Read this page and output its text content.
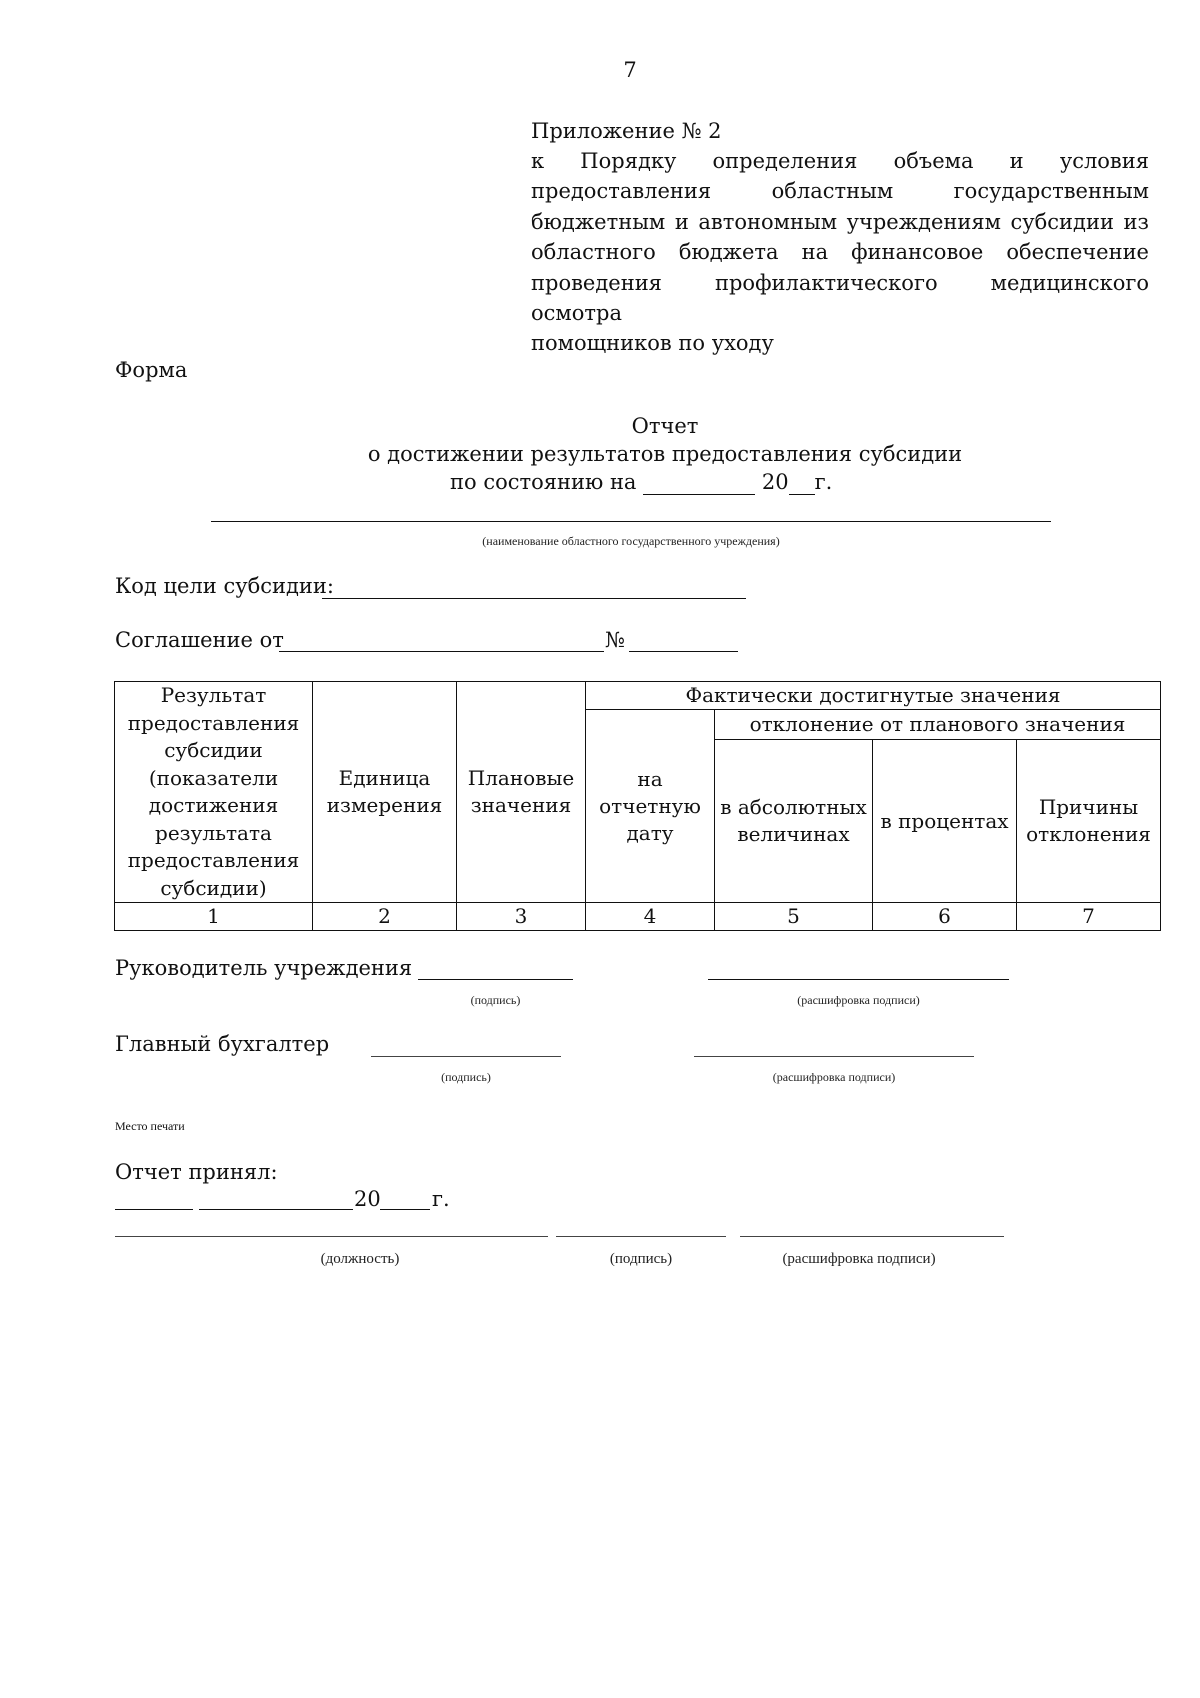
7
Приложение № 2
к Порядку определения объема и условия
предоставления областным государственным
бюджетным и автономным учреждениям субсидии из
областного бюджета на финансовое обеспечение
проведения профилактического медицинского осмотра
помощников по уходу
Форма
Отчет
о достижении результатов предоставления субсидии
по состоянию на	20 г.
(наименование областного государственного учреждения)
Код цели субсидии:
Соглашение от	№
Результат предоставления субсидии (показатели достижения результата предоставления субсидии)	Единица измерения	Плановые значения	Фактически достигнутые значения			
			на отчетную дату	отклонение от планового значения		
				в абсолютных величинах	в процентах	Причины отклонения
1	2	3	4	5	6	7
Руководитель учреждения
(подпись)	(расшифровка подписи)
Главный бухгалтер
(подпись)	(расшифровка подписи)
Место печати
Отчет принял:
20 г.
(должность)	(подпись)	(расшифровка подписи)
